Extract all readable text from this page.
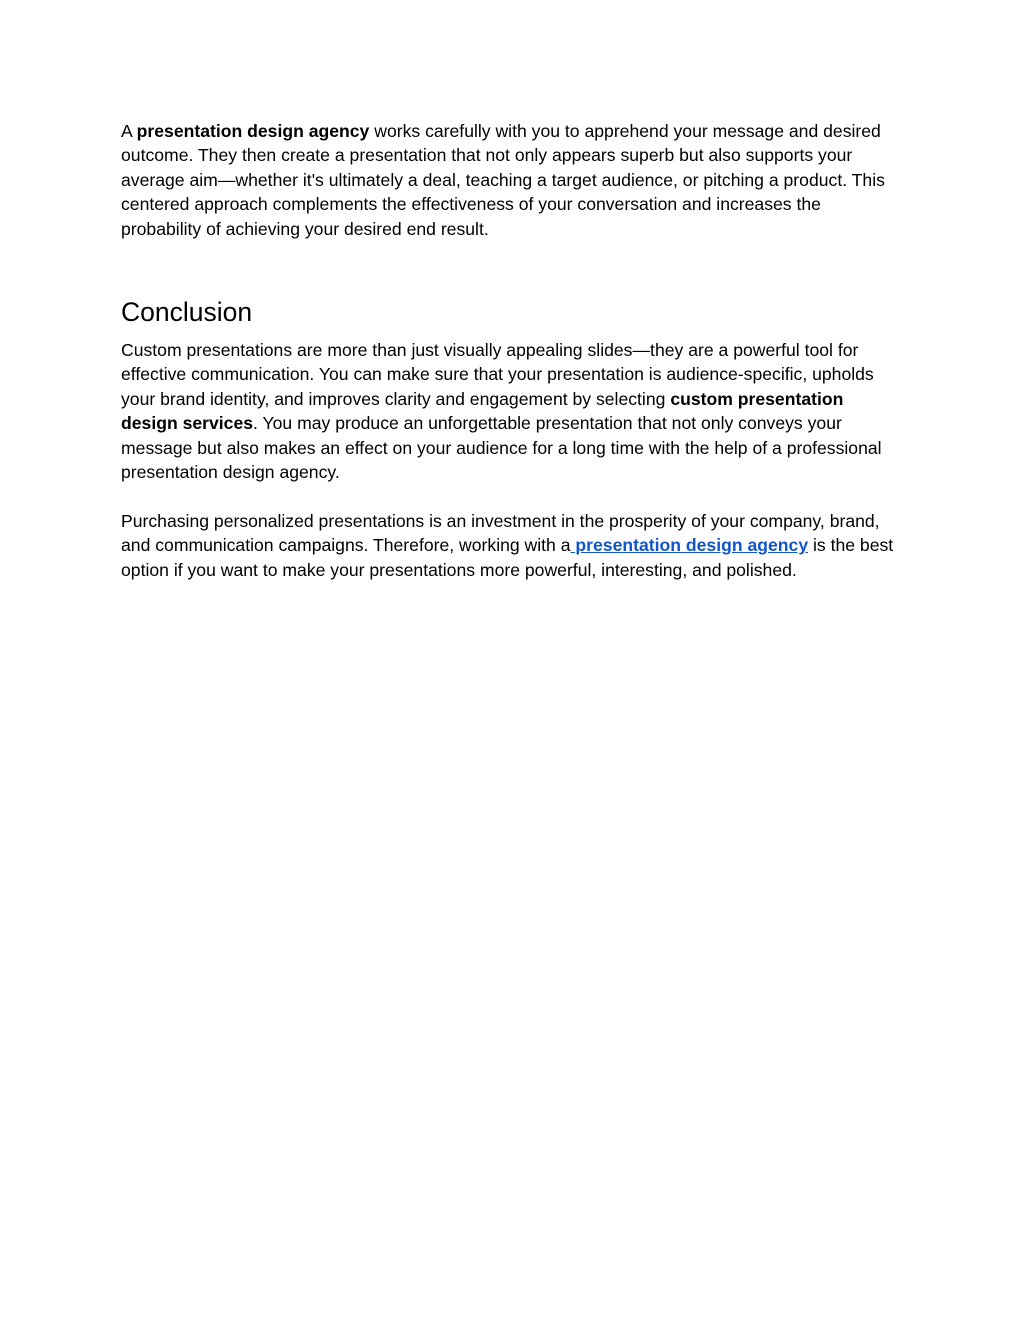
A presentation design agency works carefully with you to apprehend your message and desired outcome. They then create a presentation that not only appears superb but also supports your average aim—whether it's ultimately a deal, teaching a target audience, or pitching a product. This centered approach complements the effectiveness of your conversation and increases the probability of achieving your desired end result.

Conclusion

Custom presentations are more than just visually appealing slides—they are a powerful tool for effective communication. You can make sure that your presentation is audience-specific, upholds your brand identity, and improves clarity and engagement by selecting custom presentation design services. You may produce an unforgettable presentation that not only conveys your message but also makes an effect on your audience for a long time with the help of a professional presentation design agency.

Purchasing personalized presentations is an investment in the prosperity of your company, brand, and communication campaigns. Therefore, working with a presentation design agency is the best option if you want to make your presentations more powerful, interesting, and polished.
